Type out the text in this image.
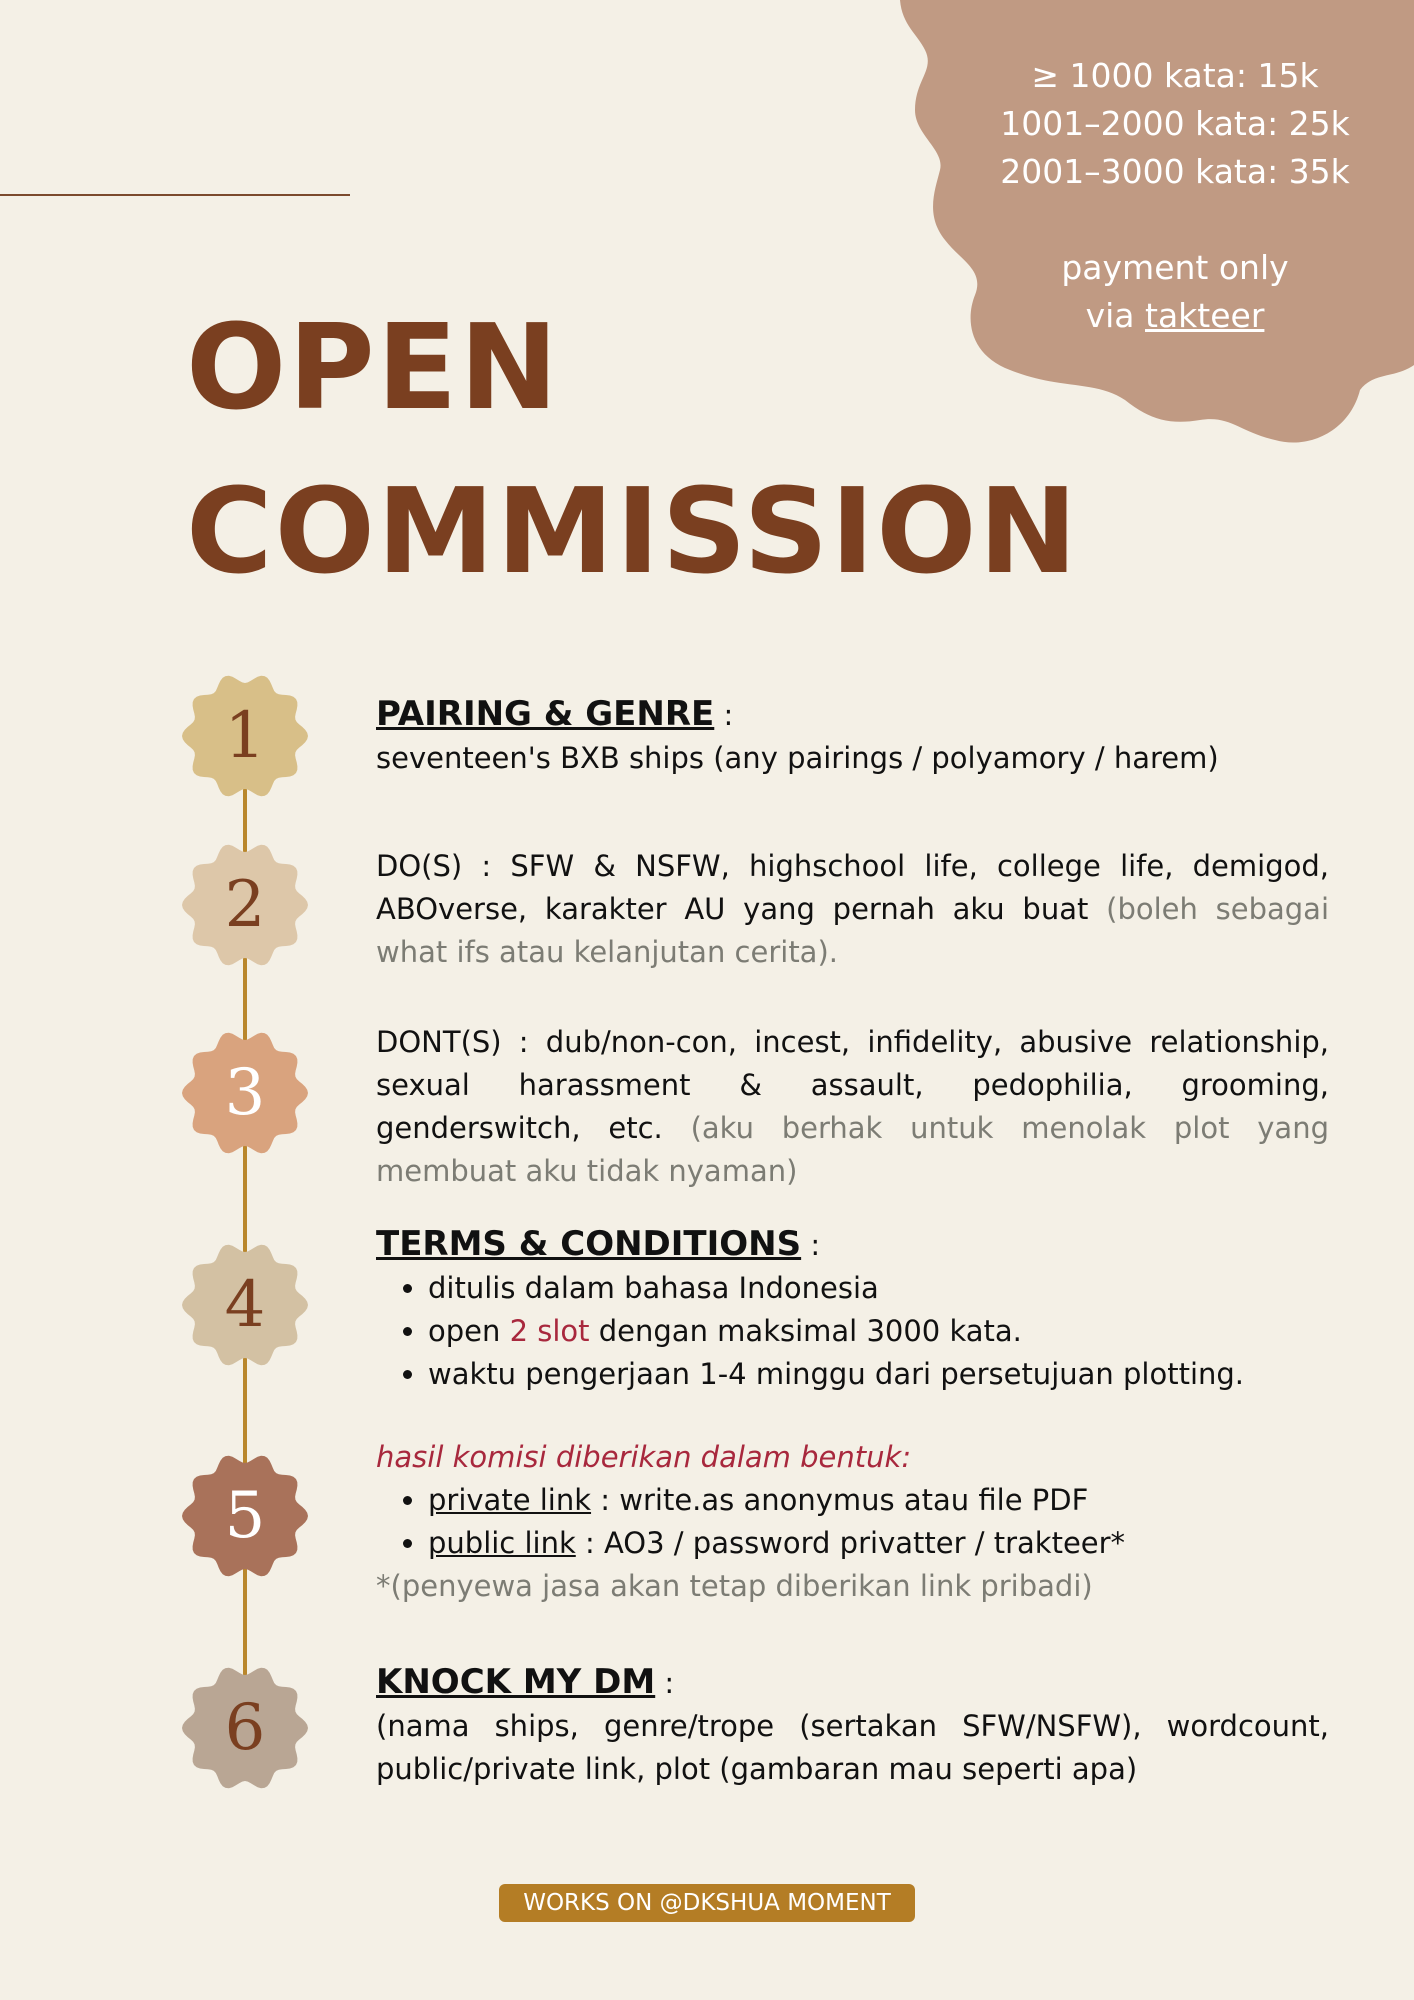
≥ 1000 kata: 15k
1001–2000 kata: 25k
2001–3000 kata: 35k
payment only
via takteer
OPEN
COMMISSION
1
2
3
4
5
6
PAIRING & GENRE :
seventeen's BXB ships (any pairings / polyamory / harem)
DO(S) : SFW & NSFW, highschool life, college life, demigod, ABOverse, karakter AU yang pernah aku buat (boleh sebagai what ifs atau kelanjutan cerita).
DONT(S) : dub/non-con, incest, infidelity, abusive relationship, sexual harassment & assault, pedophilia, grooming, genderswitch, etc. (aku berhak untuk menolak plot yang membuat aku tidak nyaman)
TERMS & CONDITIONS :
• ditulis dalam bahasa Indonesia
• open 2 slot dengan maksimal 3000 kata.
• waktu pengerjaan 1-4 minggu dari persetujuan plotting.
hasil komisi diberikan dalam bentuk:
• private link : write.as anonymus atau file PDF
• public link : AO3 / password privatter / trakteer*
*(penyewa jasa akan tetap diberikan link pribadi)
KNOCK MY DM :
(nama ships, genre/trope (sertakan SFW/NSFW), wordcount, public/private link, plot (gambaran mau seperti apa)
WORKS ON @DKSHUA MOMENT
